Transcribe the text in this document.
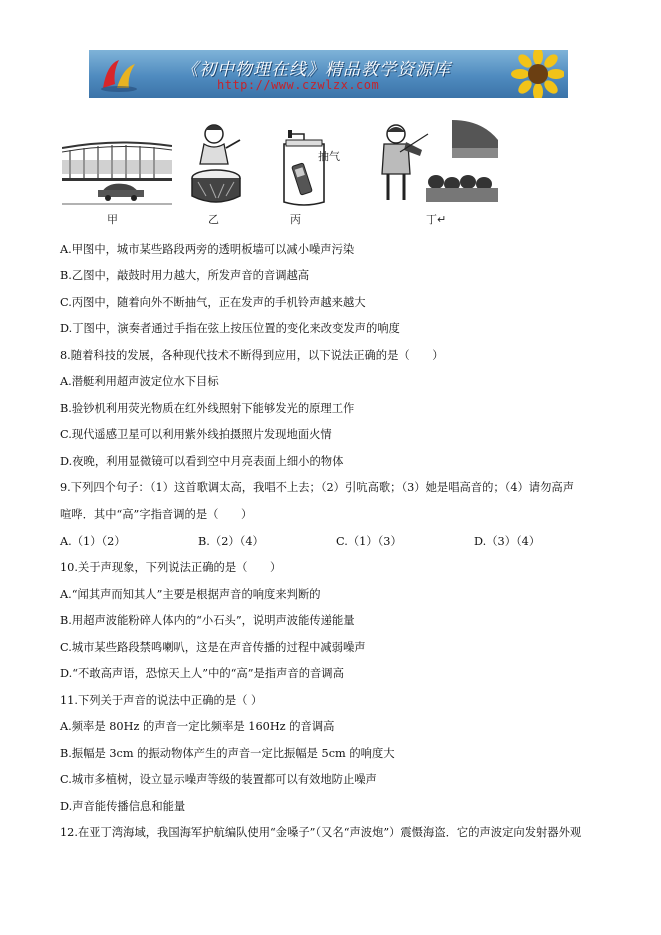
《初中物理在线》精品教学资源库
http://www.czwlzx.com
甲	乙
抽气
丙	丁↵
A.甲图中，城市某些路段两旁的透明板墙可以减小噪声污染
B.乙图中，敲鼓时用力越大，所发声音的音调越高
C.丙图中，随着向外不断抽气，正在发声的手机铃声越来越大
D.丁图中，演奏者通过手指在弦上按压位置的变化来改变发声的响度
8.随着科技的发展，各种现代技术不断得到应用，以下说法正确的是（　　）
A.潜艇利用超声波定位水下目标
B.验钞机利用荧光物质在红外线照射下能够发光的原理工作
C.现代遥感卫星可以利用紫外线拍摄照片发现地面火情
D.夜晚，利用显微镜可以看到空中月亮表面上细小的物体
9.下列四个句子：（1）这首歌调太高，我唱不上去；（2）引吭高歌；（3）她是唱高音的；（4）请勿高声
喧哗．其中“高”字指音调的是（　　）
A.（1）（2）	B.（2）（4）	C.（1）（3）	D.（3）（4）
10.关于声现象，下列说法正确的是（　　）
A.“闻其声而知其人”主要是根据声音的响度来判断的
B.用超声波能粉碎人体内的“小石头”，说明声波能传递能量
C.城市某些路段禁鸣喇叭，这是在声音传播的过程中减弱噪声
D.“不敢高声语，恐惊天上人”中的“高”是指声音的音调高
11.下列关于声音的说法中正确的是（ ）
A.频率是 80Hz 的声音一定比频率是 160Hz 的音调高
B.振幅是 3cm 的振动物体产生的声音一定比振幅是 5cm 的响度大
C.城市多植树，设立显示噪声等级的装置都可以有效地防止噪声
D.声音能传播信息和能量
12.在亚丁湾海域，我国海军护航编队使用“金嗓子”（又名“声波炮”）震慑海盗．它的声波定向发射器外观
